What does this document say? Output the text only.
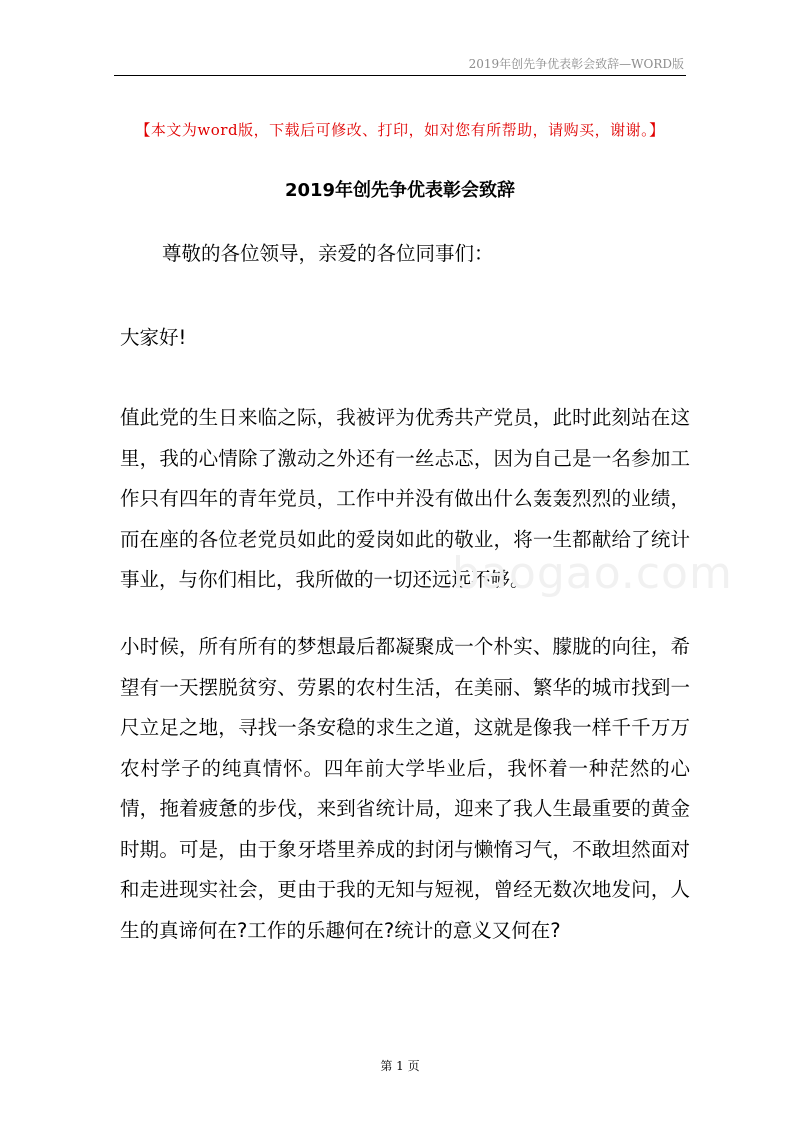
2019年创先争优表彰会致辞—WORD版
【本文为word版，下载后可修改、打印，如对您有所帮助，请购买，谢谢。】
2019年创先争优表彰会致辞
尊敬的各位领导，亲爱的各位同事们：
大家好!
值此党的生日来临之际，我被评为优秀共产党员，此时此刻站在这里，我的心情除了激动之外还有一丝忐忑，因为自己是一名参加工作只有四年的青年党员，工作中并没有做出什么轰轰烈烈的业绩，而在座的各位老党员如此的爱岗如此的敬业，将一生都献给了统计事业，与你们相比，我所做的一切还远远不够。
小时候，所有所有的梦想最后都凝聚成一个朴实、朦胧的向往，希望有一天摆脱贫穷、劳累的农村生活，在美丽、繁华的城市找到一尺立足之地，寻找一条安稳的求生之道，这就是像我一样千千万万农村学子的纯真情怀。四年前大学毕业后，我怀着一种茫然的心情，拖着疲惫的步伐，来到省统计局，迎来了我人生最重要的黄金时期。可是，由于象牙塔里养成的封闭与懒惰习气，不敢坦然面对和走进现实社会，更由于我的无知与短视，曾经无数次地发问，人生的真谛何在?工作的乐趣何在?统计的意义又何在?
baogao.com
第 1 页
